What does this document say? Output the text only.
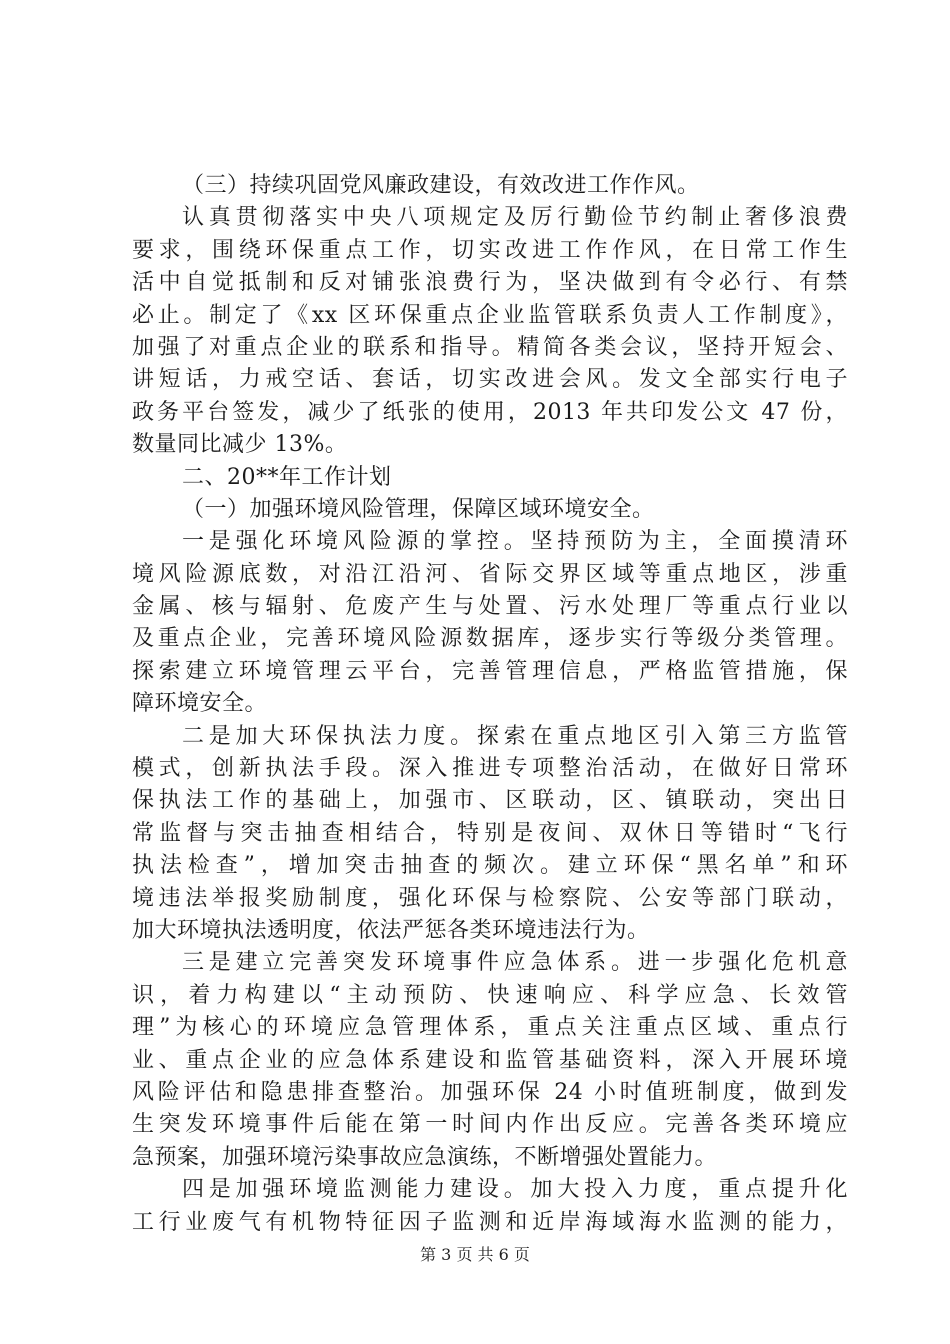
（三）持续巩固党风廉政建设，有效改进工作作风。
认真贯彻落实中央八项规定及厉行勤俭节约制止奢侈浪费
要求，围绕环保重点工作，切实改进工作作风，在日常工作生
活中自觉抵制和反对铺张浪费行为，坚决做到有令必行、有禁
必止。制定了《xx 区环保重点企业监管联系负责人工作制度》，
加强了对重点企业的联系和指导。精简各类会议，坚持开短会、
讲短话，力戒空话、套话，切实改进会风。发文全部实行电子
政务平台签发，减少了纸张的使用，2013 年共印发公文 47 份，
数量同比减少 13%。
二、20**年工作计划
（一）加强环境风险管理，保障区域环境安全。
一是强化环境风险源的掌控。坚持预防为主，全面摸清环
境风险源底数，对沿江沿河、省际交界区域等重点地区，涉重
金属、核与辐射、危废产生与处置、污水处理厂等重点行业以
及重点企业，完善环境风险源数据库，逐步实行等级分类管理。
探索建立环境管理云平台，完善管理信息，严格监管措施，保
障环境安全。
二是加大环保执法力度。探索在重点地区引入第三方监管
模式，创新执法手段。深入推进专项整治活动，在做好日常环
保执法工作的基础上，加强市、区联动，区、镇联动，突出日
常监督与突击抽查相结合，特别是夜间、双休日等错时“飞行
执法检查”，增加突击抽查的频次。建立环保“黑名单”和环
境违法举报奖励制度，强化环保与检察院、公安等部门联动，
加大环境执法透明度，依法严惩各类环境违法行为。
三是建立完善突发环境事件应急体系。进一步强化危机意
识，着力构建以“主动预防、快速响应、科学应急、长效管
理”为核心的环境应急管理体系，重点关注重点区域、重点行
业、重点企业的应急体系建设和监管基础资料，深入开展环境
风险评估和隐患排查整治。加强环保 24 小时值班制度，做到发
生突发环境事件后能在第一时间内作出反应。完善各类环境应
急预案，加强环境污染事故应急演练，不断增强处置能力。
四是加强环境监测能力建设。加大投入力度，重点提升化
工行业废气有机物特征因子监测和近岸海域海水监测的能力，
第 3 页 共 6 页
